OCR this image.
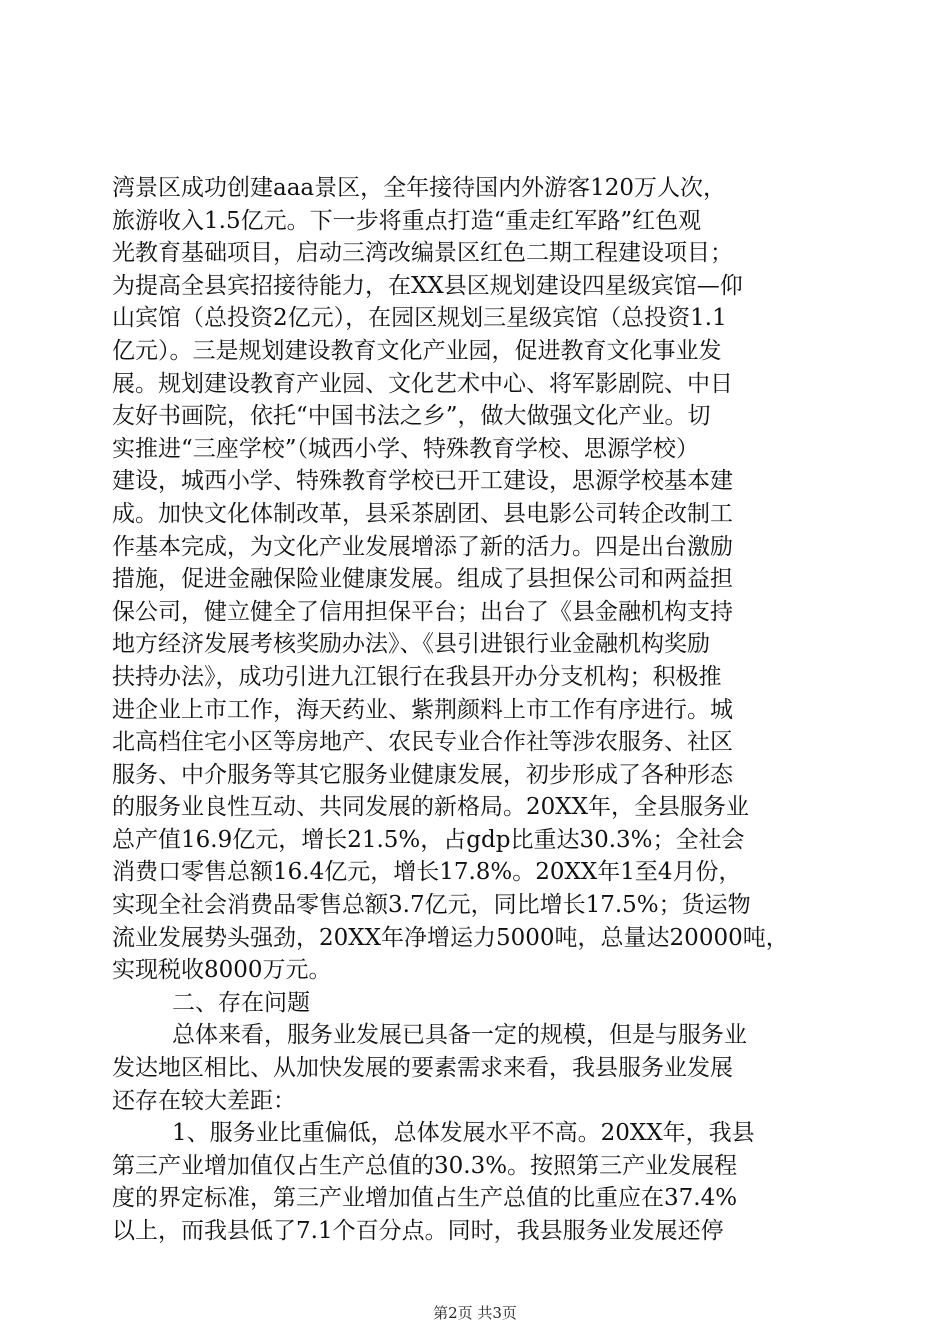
湾景区成功创建aaa景区，全年接待国内外游客120万人次，
旅游收入1.5亿元。下一步将重点打造“重走红军路”红色观
光教育基础项目，启动三湾改编景区红色二期工程建设项目；
为提高全县宾招接待能力，在XX县区规划建设四星级宾馆—仰
山宾馆（总投资2亿元），在园区规划三星级宾馆（总投资1.1
亿元）。三是规划建设教育文化产业园，促进教育文化事业发
展。规划建设教育产业园、文化艺术中心、将军影剧院、中日
友好书画院，依托“中国书法之乡”，做大做强文化产业。切
实推进“三座学校”（城西小学、特殊教育学校、思源学校）
建设，城西小学、特殊教育学校已开工建设，思源学校基本建
成。加快文化体制改革，县采茶剧团、县电影公司转企改制工
作基本完成，为文化产业发展增添了新的活力。四是出台激励
措施，促进金融保险业健康发展。组成了县担保公司和两益担
保公司，健立健全了信用担保平台；出台了《县金融机构支持
地方经济发展考核奖励办法》、《县引进银行业金融机构奖励
扶持办法》，成功引进九江银行在我县开办分支机构；积极推
进企业上市工作，海天药业、紫荆颜料上市工作有序进行。城
北高档住宅小区等房地产、农民专业合作社等涉农服务、社区
服务、中介服务等其它服务业健康发展，初步形成了各种形态
的服务业良性互动、共同发展的新格局。20XX年，全县服务业
总产值16.9亿元，增长21.5%，占gdp比重达30.3%；全社会
消费口零售总额16.4亿元，增长17.8%。20XX年1至4月份，
实现全社会消费品零售总额3.7亿元，同比增长17.5%；货运物
流业发展势头强劲，20XX年净增运力5000吨，总量达20000吨，
实现税收8000万元。
二、存在问题
总体来看，服务业发展已具备一定的规模，但是与服务业
发达地区相比、从加快发展的要素需求来看，我县服务业发展
还存在较大差距：
1、服务业比重偏低，总体发展水平不高。20XX年，我县
第三产业增加值仅占生产总值的30.3%。按照第三产业发展程
度的界定标准，第三产业增加值占生产总值的比重应在37.4%
以上，而我县低了7.1个百分点。同时，我县服务业发展还停
第2页 共3页
